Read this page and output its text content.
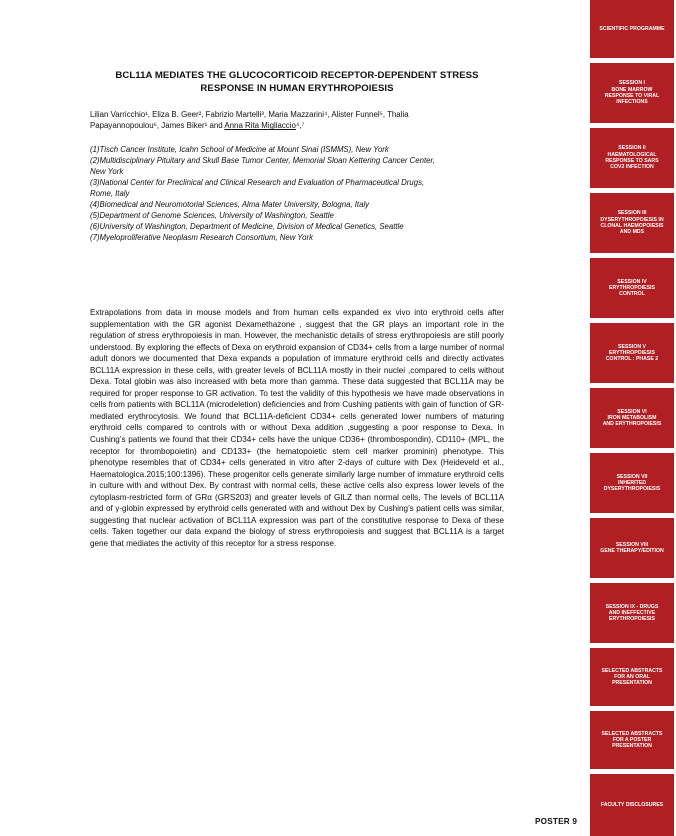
BCL11A MEDIATES THE GLUCOCORTICOID RECEPTOR-DEPENDENT STRESS
RESPONSE IN HUMAN ERYTHROPOIESIS
Lilian Varricchio¹, Eliza B. Geer², Fabrizio Martelli³, Maria Mazzarini⁴, Alister Funnel⁵, Thalia
Papayannopoulou⁶, James Biker¹ and Anna Rita Migliaccio⁴,⁷
(1)Tisch Cancer Institute, Icahn School of Medicine at Mount Sinai (ISMMS), New York
(2)Multidisciplinary Pituitary and Skull Base Tumor Center, Memorial Sloan Kettering Cancer Center,
New York
(3)National Center for Preclinical and Clinical Research and Evaluation of Pharmaceutical Drugs,
Rome, Italy
(4)Biomedical and Neuromotorial Sciences, Alma Mater University, Bologna, Italy
(5)Department of Genome Sciences, University of Washington, Seattle
(6)University of Washington, Department of Medicine, Division of Medical Genetics, Seattle
(7)Myeloproliferative Neoplasm Research Consortium, New York

Extrapolations from data in mouse models and from human cells expanded ex vivo into erythroid cells after supplementation with the GR agonist Dexamethazone , suggest that the GR plays an important role in the regulation of stress erythropoiesis in man. However, the mechanistic details of stress erythropoiesis are still poorly understood. By exploring the effects of Dexa on erythroid expansion of CD34+ cells from a large number of normal adult donors we documented that Dexa expands a population of immature erythroid cells and directly activates BCL11A expression in these cells, with greater levels of BCL11A mostly in their nuclei ,compared to cells without Dexa. Total globin was also increased with beta more than gamma. These data suggested that BCL11A may be required for proper response to GR activation. To test the validity of this hypothesis we have made observations in cells from patients with BCL11A (microdeletion) deficiencies and from Cushing patients with gain of function of GR-mediated erythrocytosis. We found that BCL11A-deficient CD34+ cells generated lower numbers of maturing erythroid cells compared to controls with or without Dexa addition ,suggesting a poor response to Dexa. In Cushing’s patients we found that their CD34+ cells have the unique CD36+ (thrombospondin), CD110+ (MPL, the receptor for thrombopoietin) and CD133+ (the hematopoietic stem cell marker prominin) phenotype. This phenotype resembles that of CD34+ cells generated in vitro after 2-days of culture with Dex (Heideveld et al., Haematologica.2015;100:1396). These progenitor cells generate similarly large number of immature erythroid cells in culture with and without Dex. By contrast with normal cells, these active cells also express lower levels of the cytoplasm-restricted form of GRα (GRS203) and greater levels of GILZ than normal cells, The levels of BCL11A and of γ-globin expressed by erythroid cells generated with and without Dex by Cushing’s patient cells was similar, suggesting that nuclear activation of BCL11A expression was part of the constitutive response to Dexa of these cells. Taken together our data expand the biology of stress erythropoiesis and suggest that BCL11A is a target gene that mediates the activity of this receptor for a stress response.

SCIENTIFIC PROGRAMME
SESSION I
BONE MARROW
RESPONSE TO VIRAL
INFECTIONS
SESSION II
HAEMATOLOGICAL
RESPONSE TO SARS
COV2 INFECTION
SESSION III
DYSERYTHROPOIESIS IN
CLONAL HAEMOPOIESIS
AND MDS
SESSION IV
ERYTHROPOIESIS
CONTROL
SESSION V
ERYTHROPOIESIS
CONTROL : PHASE 2
SESSION VI
IRON METABOLISM
AND ERYTHROPOIESIS
SESSION VII
INHERITED
DYSERYTHROPOIESIS
SESSION VIII
GENE THERAPY/EDITION
SESSION IX - DRUGS
AND INEFFECTIVE
ERYTHROPOIESIS
SELECTED ABSTRACTS
FOR AN ORAL
PRESENTATION
SELECTED ABSTRACTS
FOR A POSTER
PRESENTATION
FACULTY DISCLOSURES
POSTER 9
